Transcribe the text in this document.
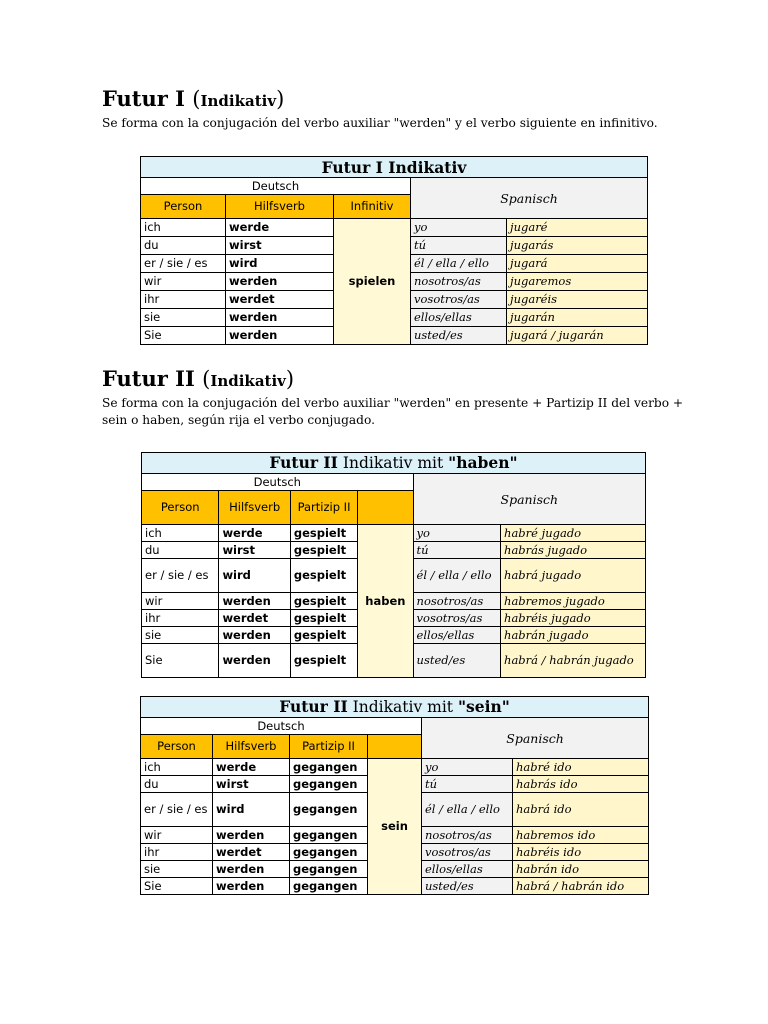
Futur I (Indikativ)
Se forma con la conjugación del verbo auxiliar "werden" y el verbo siguiente en infinitivo.
Futur I Indikativ				
Deutsch			Spanisch	
Person	Hilfsverb	Infinitiv		
ich	werde	spielen	yo	jugaré
du	wirst		tú	jugarás
er / sie / es	wird		él / ella / ello	jugará
wir	werden		nosotros/as	jugaremos
ihr	werdet		vosotros/as	jugaréis
sie	werden		ellos/ellas	jugarán
Sie	werden		usted/es	jugará / jugarán
Futur II (Indikativ)
Se forma con la conjugación del verbo auxiliar "werden" en presente + Partizip II del verbo + sein o haben, según rija el verbo conjugado.
Futur II Indikativ mit "haben"					
Deutsch				Spanisch	
Person	Hilfsverb	Partizip II			
ich	werde	gespielt	haben	yo	habré jugado
du	wirst	gespielt		tú	habrás jugado
er / sie / es	wird	gespielt		él / ella / ello	habrá jugado
wir	werden	gespielt		nosotros/as	habremos jugado
ihr	werdet	gespielt		vosotros/as	habréis jugado
sie	werden	gespielt		ellos/ellas	habrán jugado
Sie	werden	gespielt		usted/es	habrá / habrán jugado
Futur II Indikativ mit "sein"					
Deutsch				Spanisch	
Person	Hilfsverb	Partizip II			
ich	werde	gegangen	sein	yo	habré ido
du	wirst	gegangen		tú	habrás ido
er / sie / es	wird	gegangen		él / ella / ello	habrá ido
wir	werden	gegangen		nosotros/as	habremos ido
ihr	werdet	gegangen		vosotros/as	habréis ido
sie	werden	gegangen		ellos/ellas	habrán ido
Sie	werden	gegangen		usted/es	habrá / habrán ido
